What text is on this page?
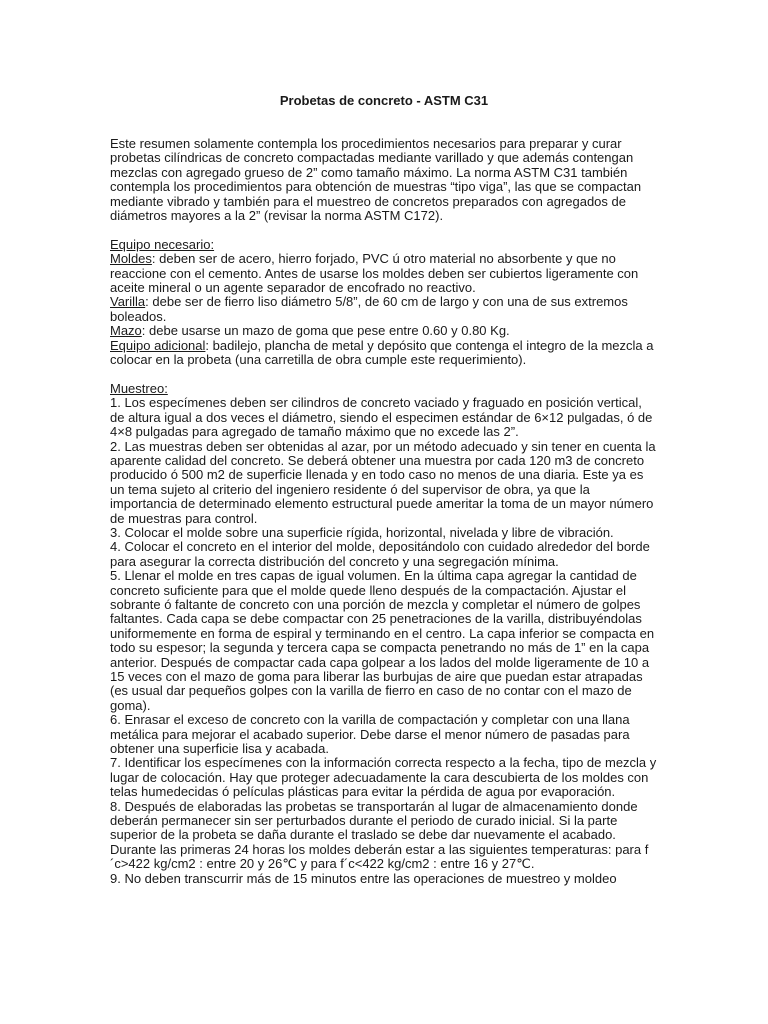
Probetas de concreto - ASTM C31

Este resumen solamente contempla los procedimientos necesarios para preparar y curar probetas cilíndricas de concreto compactadas mediante varillado y que además contengan mezclas con agregado grueso de 2” como tamaño máximo. La norma ASTM C31 también contempla los procedimientos para obtención de muestras “tipo viga”, las que se compactan mediante vibrado y también para el muestreo de concretos preparados con agregados de diámetros mayores a la 2” (revisar la norma ASTM C172).

Equipo necesario:

Moldes: deben ser de acero, hierro forjado, PVC ú otro material no absorbente y que no reaccione con el cemento. Antes de usarse los moldes deben ser cubiertos ligeramente con aceite mineral o un agente separador de encofrado no reactivo.

Varilla: debe ser de fierro liso diámetro 5/8”, de 60 cm de largo y con una de sus extremos boleados.

Mazo: debe usarse un mazo de goma que pese entre 0.60 y 0.80 Kg.

Equipo adicional: badilejo, plancha de metal y depósito que contenga el integro de la mezcla a colocar en la probeta (una carretilla de obra cumple este requerimiento).

Muestreo:

1. Los especímenes deben ser cilindros de concreto vaciado y fraguado en posición vertical, de altura igual a dos veces el diámetro, siendo el especimen estándar de 6×12 pulgadas, ó de 4×8 pulgadas para agregado de tamaño máximo que no excede las 2”.
2. Las muestras deben ser obtenidas al azar, por un método adecuado y sin tener en cuenta la aparente calidad del concreto. Se deberá obtener una muestra por cada 120 m3 de concreto producido ó 500 m2 de superficie llenada y en todo caso no menos de una diaria. Este ya es un tema sujeto al criterio del ingeniero residente ó del supervisor de obra, ya que la importancia de determinado elemento estructural puede ameritar la toma de un mayor número de muestras para control.
3. Colocar el molde sobre una superficie rígida, horizontal, nivelada y libre de vibración.
4. Colocar el concreto en el interior del molde, depositándolo con cuidado alrededor del borde para asegurar la correcta distribución del concreto y una segregación mínima.
5. Llenar el molde en tres capas de igual volumen. En la última capa agregar la cantidad de concreto suficiente para que el molde quede lleno después de la compactación. Ajustar el sobrante ó faltante de concreto con una porción de mezcla y completar el número de golpes faltantes. Cada capa se debe compactar con 25 penetraciones de la varilla, distribuyéndolas uniformemente en forma de espiral y terminando en el centro. La capa inferior se compacta en todo su espesor; la segunda y tercera capa se compacta penetrando no más de 1” en la capa anterior. Después de compactar cada capa golpear a los lados del molde ligeramente de 10 a 15 veces con el mazo de goma para liberar las burbujas de aire que puedan estar atrapadas (es usual dar pequeños golpes con la varilla de fierro en caso de no contar con el mazo de goma).
6. Enrasar el exceso de concreto con la varilla de compactación y completar con una llana metálica para mejorar el acabado superior. Debe darse el menor número de pasadas para obtener una superficie lisa y acabada.
7. Identificar los especímenes con la información correcta respecto a la fecha, tipo de mezcla y lugar de colocación. Hay que proteger adecuadamente la cara descubierta de los moldes con telas humedecidas ó películas plásticas para evitar la pérdida de agua por evaporación.
8. Después de elaboradas las probetas se transportarán al lugar de almacenamiento donde deberán permanecer sin ser perturbados durante el periodo de curado inicial. Si la parte superior de la probeta se daña durante el traslado se debe dar nuevamente el acabado. Durante las primeras 24 horas los moldes deberán estar a las siguientes temperaturas: para f´c>422 kg/cm2 : entre 20 y 26℃ y para f´c<422 kg/cm2 : entre 16 y 27℃.
9. No deben transcurrir más de 15 minutos entre las operaciones de muestreo y moldeo
